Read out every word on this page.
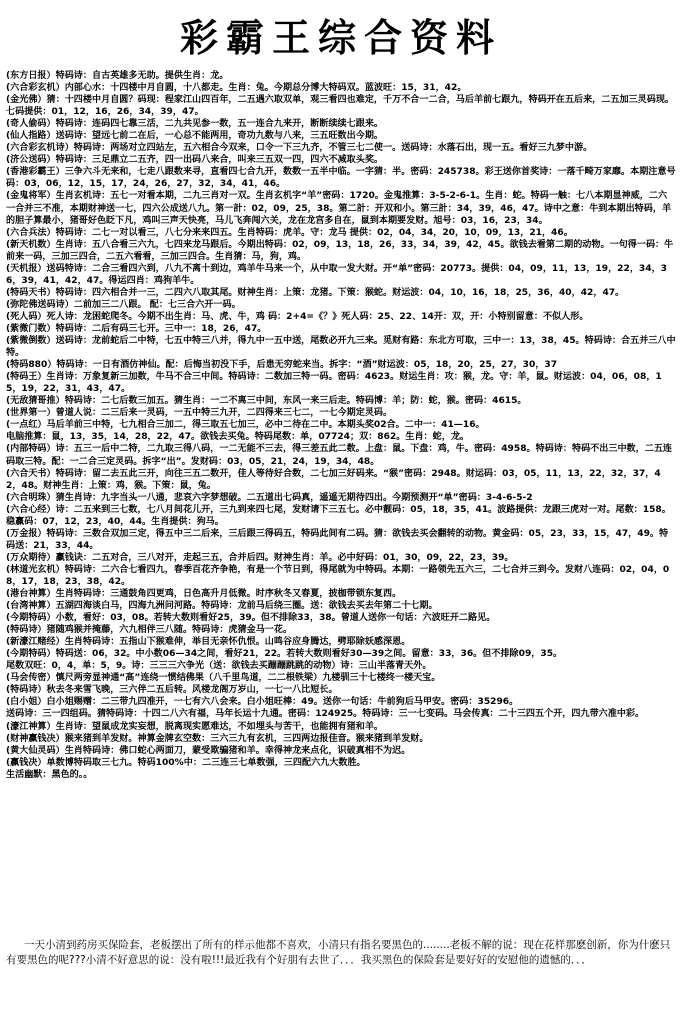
彩霸王综合资料
(东方日报）特码诗：自古英雄多无助。提供生肖：龙。
(六合彩玄机）内部心水：十四楼中月自圆，十八都走。生肖：兔。今期总分博大特码双。蓝波旺：15，31，42。
(金光佛）猜：十四楼中月自圆？码现：程家江山四百年，二五遇六取双单，观三看四也难定，千万不合一二合，马后羊前七跟九，特码开在五后来，二五加三灵码现。七码提供：01，12，16，26，34，39，47。
(奇人偷码）特码诗：连码四七靠三活，二九共见参一数，五一连合九来开，断断续续七跟来。
(仙人指路）送码诗：望远七前二在后，一心总不能两用，奇功九数与八来，三五旺数出今期。
(六合彩玄机诗）特码诗：两场对立四站左，五六相合今双来，口令一下三九齐，不管三七二使一。送码诗：水落石出，现一五。看好三九梦中游。
(济公送码）特码诗：三足鼎立二五齐，四一出码八来合，叫来三五双一四，四六不减取头奖。
(香港彩霸王）三争六斗无来和，七走八跟数来寻，直看四七合九开，数数一五半中临。一字猜：半。密码：245738。彩王送你首奖诗：一落千畸万家靡。本期注意号码：03，06，12，15，17，24，26，27，32，34，41，46。
(金鬼将军）生肖玄机诗：五七一对看本期，二九三肖对一双。生肖玄机字“羊”密码：1720。金鬼推算：3-5-2-6-1。生肖：蛇。特码一触：七八本期显神威，二六一合并三不准，本期财神送一七，四六公成送八九。第一計：02，09，25，38。第二計：开双和小。第三計：34，39，46，47。诗中之意：牛到本期出特码，羊的胆子算最小，猪哥好色眨下凡，鸡叫三声天快亮，马儿飞奔闯六关，龙在龙宫多自在，鼠到本期要发财。旭号：03，16，23，34。
(六合兵法）特码诗：二七一对以看三，八七分来来四五。生肖特码：虎羊。守：龙马 提供：02，04，34，20，10，09，13，21，46。
(新天机数）生肖诗：五八合看三六九，七四来龙马跟后。今期出特码：02，09，13，18，26，33，34，39，42，45。欲钱去看第二期的动物。一句得一码：牛前来一码，三加三四合，二五六看看，三加三四合。生肖猜：马，狗，鸡。
(天机报）送码特诗：二合三看四六到，八九不离十到边，鸡羊牛马来一个，从中取一发大财。开“单”密码：20773。提供：04，09，11，13，19，22，34，36，39，41，42，47。得运四肖：鸡狗羊牛。
(特码天书）特码诗：四六相合并一三，二四六八取其尾。财神生肖：上策：龙猪。下策：猴蛇。财运波：04，10，16，18，25，36，40，42，47。
(弥陀佛送码诗）二前加三二八跟。 配：七三合六开一码。
(死人码）死人诗：龙困蛇爬冬。今期不出生肖：马、虎、牛，鸡 码：2+4=《？》死人码：25、22、14开：双，开：小特别留意：不似人形。
(紫微门数）特码诗：二后有码三七开。三中一：18，26，47。
(紫微倒数）送码诗：龙前蛇后二中特，七五中特三八并，得九中一五中送，尾数必开九三来。觅财有路：东北方可取，三中一：13，38，45。特码诗：合五并三八中特。
(特码880）特码诗：一日有酒仿神仙。配：后悔当初没下手，后患无穷蛇来当。拆字：“酒”财运波：05，18，20，25，27，30，37
(特码王）生肖诗：万象复新三加数，牛马不合三中间。特码诗：二数加三特一码。密码：4623。财运生肖：攻：猴，龙。守：羊，鼠。财运波：04，06，08，15，19，22，31，43，47。
(无敌猜哥推）特码诗：二七后数三加五。猜生肖：一二不离三中间，东风一来三后走。特码博：羊；防：蛇，猴。密码：4615。
(世界第一）曾道人说：二三后来一灵码，一五中特三九开，二四得来三七二，一七今期定灵码。
(一点红）马后羊前三中特，七九相合三加二，得三取五七加三，必中二待在二中。本期头奖02合。二中一：41—16。
电脑推算：鼠，13，35，14，28，22，47。欲钱去买兔。特码尾数：单，07724；双：862。生肖：蛇，龙。
(内部特码）诗：五三一后中二特，二九取三得八码，一二无能不三去，得三差五此二数。上盘：鼠。下盘：鸡，牛。密码：4958。特码诗：特码不出三中数，二五连码取三特。配：一二合三定灵码。拆字“出”。发财码：03，05，21，24，19，34，48。
(六合天书）特码诗：留二去五此三开，向往三五二数开，佳人等待好合数，二七加三好码来。“猴”密码：2948。财运码：03，05，11，13，22，32，37，42，48。财神生肖：上策：鸡，猴。下策：鼠，兔。
(六合明珠）猜生肖诗：九字当头一八通，悲哀六字梦想破。二五道出七码真，遥遥无期待四出。今期预测开“单”密码：3-4-6-5-2
(六合心经）诗：二五来到三七数，七八月间花儿开，三九到来四七尾，发财请下三五七。必中靓码：05，18，35，41。波路提供：龙跟三虎对一对。尾数：158。稳赢码：07，12，23，40，44。生肖提供：狗马。
(万金报）特码诗：三数合双加三定，得五中三二后来，三后跟三得码五，特码此间有二码。猜：欲钱去买会翻转的动物。黄金码：05，23，33，15，47，49。特码送：21，33，44。
(万众期待）赢钱诀：二五对合，三八对开，走起三五，合并后四。财神生肖：羊。必中好码：01，30，09，22，23，39。
(林道光玄机）特码诗：二六合七看四九，春季百花齐争艳，有是一个节日到，得尾就为中特码。本期：一路领先五六三，二七合并三到今。发财八连码：02，04，08，17，18，23，38，42。
(港台神算）生肖特码诗：三通鼓角四更鸡，日色高升月低微。时序秋冬又春夏，披枷带锁东复西。
(台湾神算）五湖四海谈白马，四海九洲问河路。特码诗：龙前马后绕三圈。送：欲钱去买去年第二十七期。
(今期特码）小数，看好：03，08。若转大数则看好25，39。但不排除33，38。曾道人送你一句话：六波旺开二路见。
(特码诗）猪随鸡猴并掩藤，六九相伴三八随。特码诗：虎猜金马一花。
(新濠江赌经）生肖特码诗：五指山下猴难伸，举目无亲怀仇恨。山鸣谷应身腾达，劈耶除妖感深恩。
(今期特码）特码送：06，32。中小数06—34之间，看好21，22。若转大数则看好30—39之间。留意：33，36。但不排除09，35。
尾数双旺：0，4，单：5，9。诗：三三三六争光（送：欲钱去买蹦蹦跳跳的动物）诗：三山半落青天外。
(马会传密）慎尺两旁显神通“高”连绕一惯结佛果（八千里鸟道，二二根铁梁）九楼驯三十七楼终一楼天宝。
(特码诗）秋去冬来雪飞晚，三六伴二五后转。风楼龙阁万岁山，一七一八比短长。
(白小姐）白小姐赐赠：二三带九四准开，一七有六八会来。白小姐旺棒：49。送你一句话：牛前狗后马甲安。密码：35296。
送码诗：三一四组码。猜特码诗：十四二八六有福，马年长运十九通。密码：124925。特码诗：三一七变码。马会传真：二十三四五个开，四九带六准中彩。
(濠江神算）生肖诗：望鼠成龙实妄想，脱离现实愿难达，不如埋头与苦干，也能拥有猪和羊。
(财神赢钱决）猴来猪到羊发财。神算金牌玄空数：三六三九有玄机，三四两边报佳音。猴来猪到羊发财。
(黄大仙灵码）生肖特码诗：佛口蛇心两面刀，蒙受欺骗猪和羊。幸得神龙来点化，识破真相不为迟。
(赢钱决）单数博特码取三七九。特码100%中：二三连三七单数强，三四配六九大数胜。
生活幽默：黑色的。。
一天小清到药房买保险套，老板摆出了所有的样示他都不喜欢，小清只有指名要黑色的........老板不解的说：现在花样那麽创新，你为什麽只有要黑色的呢???小清不好意思的说：没有啦!!!最近我有个好朋有去世了．．．我买黑色的保险套是要好好的安慰他的遗憾的．．．
